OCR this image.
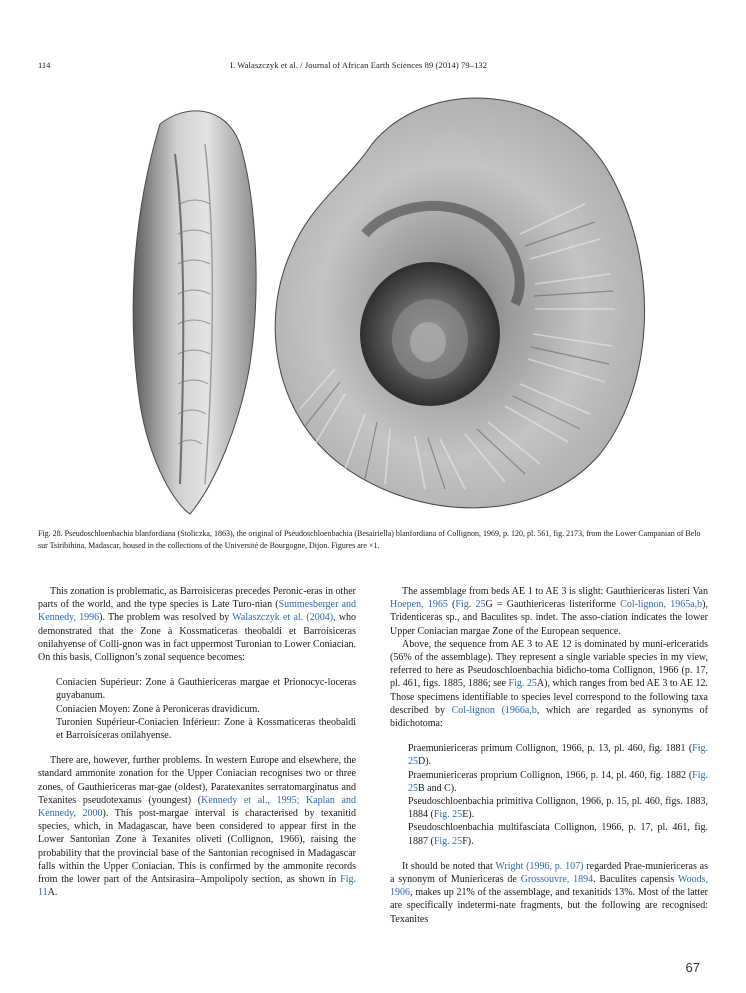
114	I. Walaszczyk et al. / Journal of African Earth Sciences 89 (2014) 79–132
Fig. 28. Pseudoschloenbachia blanfordiana (Stoliczka, 1863), the original of Pseudoschloenbachia (Besairiella) blanfordiana of Collignon, 1969, p. 120, pl. 561, fig. 2173, from the Lower Campanian of Belo sur Tsiribihina, Madascar, housed in the collections of the Université de Bourgogne, Dijon. Figures are ×1.

This zonation is problematic, as Barroisiceras precedes Peronic-eras in other parts of the world, and the type species is Late Turo-nian (Summesberger and Kennedy, 1996). The problem was resolved by Walaszczyk et al. (2004), who demonstrated that the Zone à Kossmaticeras theobaldi et Barroisiceras onilahyense of Colli-gnon was in fact uppermost Turonian to Lower Coniacian. On this basis, Collignon’s zonal sequence becomes:

Coniacien Supérieur: Zone à Gauthiericeras margae et Prionocyc-loceras guyabanum.
Coniacien Moyen: Zone à Peroniceras dravidicum.
Turonien Supérieur-Coniacien Inférieur: Zone à Kossmaticeras theobaldi et Barroisiceras onilahyense.

There are, however, further problems. In western Europe and elsewhere, the standard ammonite zonation for the Upper Coniacian recognises two or three zones, of Gauthiericeras mar-gae (oldest), Paratexanites serratomarginatus and Texanites pseudotexanus (youngest) (Kennedy et al., 1995; Kaplan and Kennedy, 2000). This post-margae interval is characterised by texanitid species, which, in Madagascar, have been considered to appear first in the Lower Santonian Zone à Texanites oliveti (Collignon, 1966), raising the probability that the provincial base of the Santonian recognised in Madagascar falls within the Upper Coniacian. This is confirmed by the ammonite records from the lower part of the Antsirasira–Ampolipoly section, as shown in Fig. 11A.

The assemblage from beds AE 1 to AE 3 is slight: Gauthiericeras listeri Van Hoepen, 1965 (Fig. 25G = Gauthiericeras listeriforme Col-lignon, 1965a,b), Tridenticeras sp., and Baculites sp. indet. The asso-ciation indicates the lower Upper Coniacian margae Zone of the European sequence.

Above, the sequence from AE 3 to AE 12 is dominated by muni-ericeratids (56% of the assemblage). They represent a single variable species in my view, referred to here as Pseudoschloenbachia bidicho-toma Collignon, 1966 (p. 17, pl. 461, figs. 1885, 1886; see Fig. 25A), which ranges from bed AE 3 to AE 12. Those specimens identifiable to species level correspond to the following taxa described by Col-lignon (1966a,b, which are regarded as synonyms of bidichotoma:

Praemuniericeras primum Collignon, 1966, p. 13, pl. 460, fig. 1881 (Fig. 25D).
Praemuniericeras proprium Collignon, 1966, p. 14, pl. 460, fig. 1882 (Fig. 25B and C).
Pseudoschloenbachia primitiva Collignon, 1966, p. 15, pl. 460, figs. 1883, 1884 (Fig. 25E).
Pseudoschloenbachia multifasciata Collignon, 1966, p. 17, pl. 461, fig. 1887 (Fig. 25F).

It should be noted that Wright (1996, p. 107) regarded Prae-muniericeras as a synonym of Muniericeras de Grossouvre, 1894. Baculites capensis Woods, 1906, makes up 21% of the assemblage, and texanitids 13%. Most of the latter are specifically indetermi-nate fragments, but the following are recognised: Texanites

67
